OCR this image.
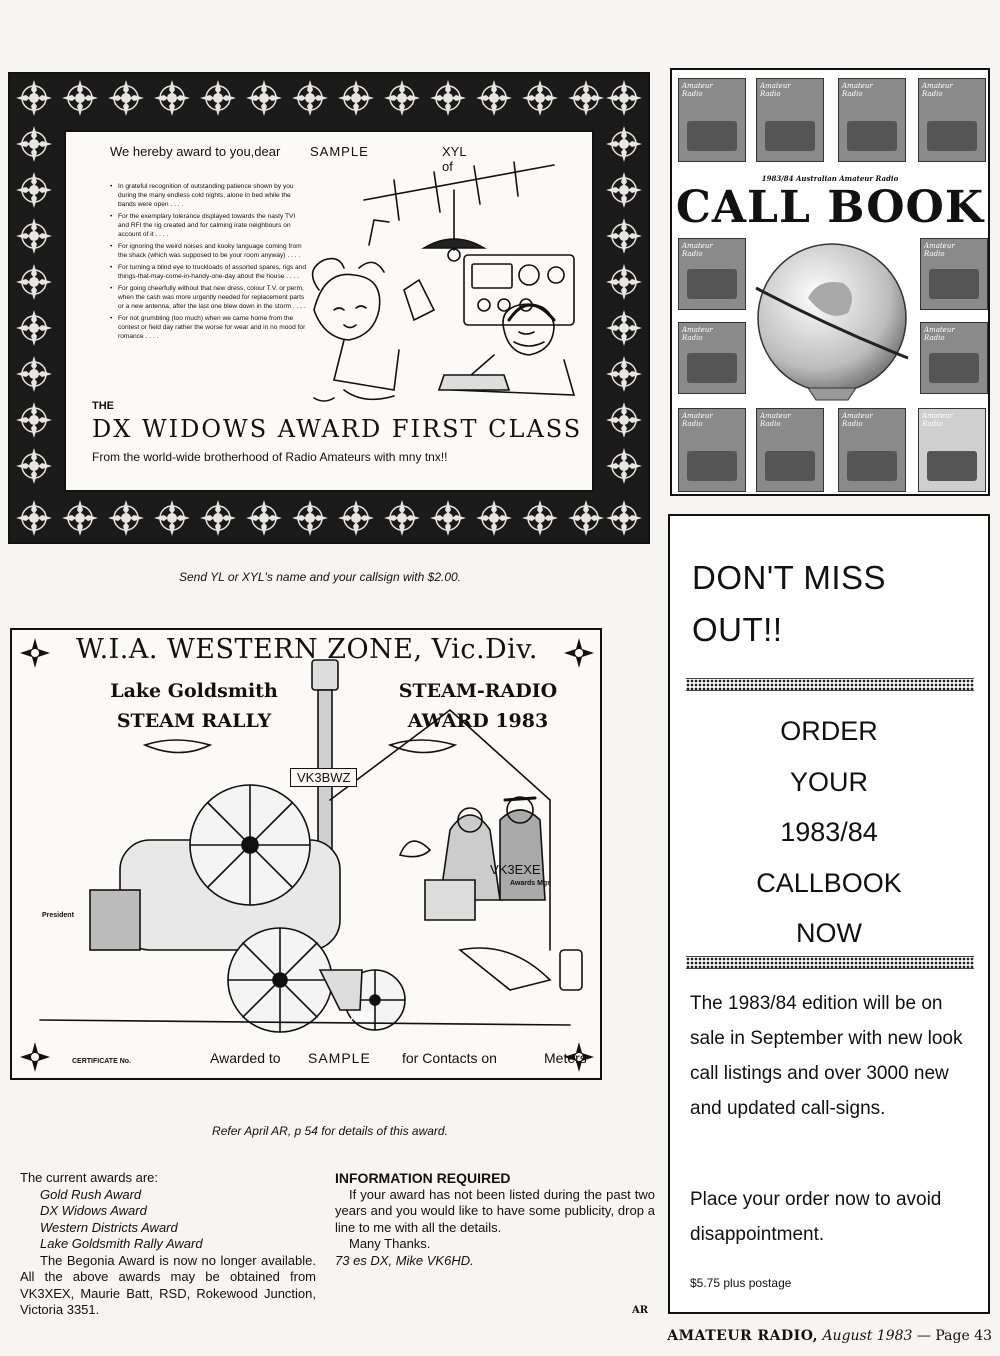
We hereby award to you,dear SAMPLE	XYL of
• In grateful recognition of outstanding patience shown by you during the many endless cold nights, alone in bed while the bands were open . . . .
• For the exemplary tolerance displayed towards the nasty TVI and RFI the rig created and for calming irate neighbours on account of it . . . .
• For ignoring the weird noises and kooky language coming from the shack (which was supposed to be your room anyway) . . . .
• For turning a blind eye to truckloads of assorted spares, rigs and things-that-may-come-in-handy-one-day about the house . . . .
• For going cheerfully without that new dress, colour T.V. or perm, when the cash was more urgently needed for replacement parts or a new antenna, after the last one blew down in the storm . . . .
• For not grumbling (too much) when we came home from the contest or field day rather the worse for wear and in no mood for romance . . . .
THE
DX WIDOWS AWARD FIRST CLASS
From the world-wide brotherhood of Radio Amateurs with mny tnx!!
Send YL or XYL's name and your callsign with $2.00.
Amateur Radio
Amateur Radio
Amateur Radio
Amateur Radio
1983/84 Australian Amateur Radio
CALL BOOK
Amateur Radio
Amateur Radio
Amateur Radio
Amateur Radio
Amateur Radio
Amateur Radio
Amateur Radio
Amateur Radio
DON'T MISS
OUT!!
ORDER
YOUR
1983/84
CALLBOOK
NOW
The 1983/84 edition will be on sale in September with new look call listings and over 3000 new and updated call-signs.
Place your order now to avoid disappointment.
$5.75 plus postage
XXX
W.I.A. WESTERN ZONE, Vic.Div.
Lake Goldsmith
STEAM RALLY
STEAM-RADIO
AWARD 1983
VK3BWZ
President
VK3EXE
Awards Mgr.
CERTIFICATE No.	Awarded to SAMPLE for Contacts on	Meters
Refer April AR, p 54 for details of this award.
The current awards are:
Gold Rush Award
DX Widows Award
Western Districts Award
Lake Goldsmith Rally Award
The Begonia Award is now no longer available. All the above awards may be obtained from VK3XEX, Maurie Batt, RSD, Rokewood Junction, Victoria 3351.
INFORMATION REQUIRED
If your award has not been listed during the past two years and you would like to have some publicity, drop a line to me with all the details.
Many Thanks.
73 es DX, Mike VK6HD.
AR
AMATEUR RADIO, August 1983 — Page 43
